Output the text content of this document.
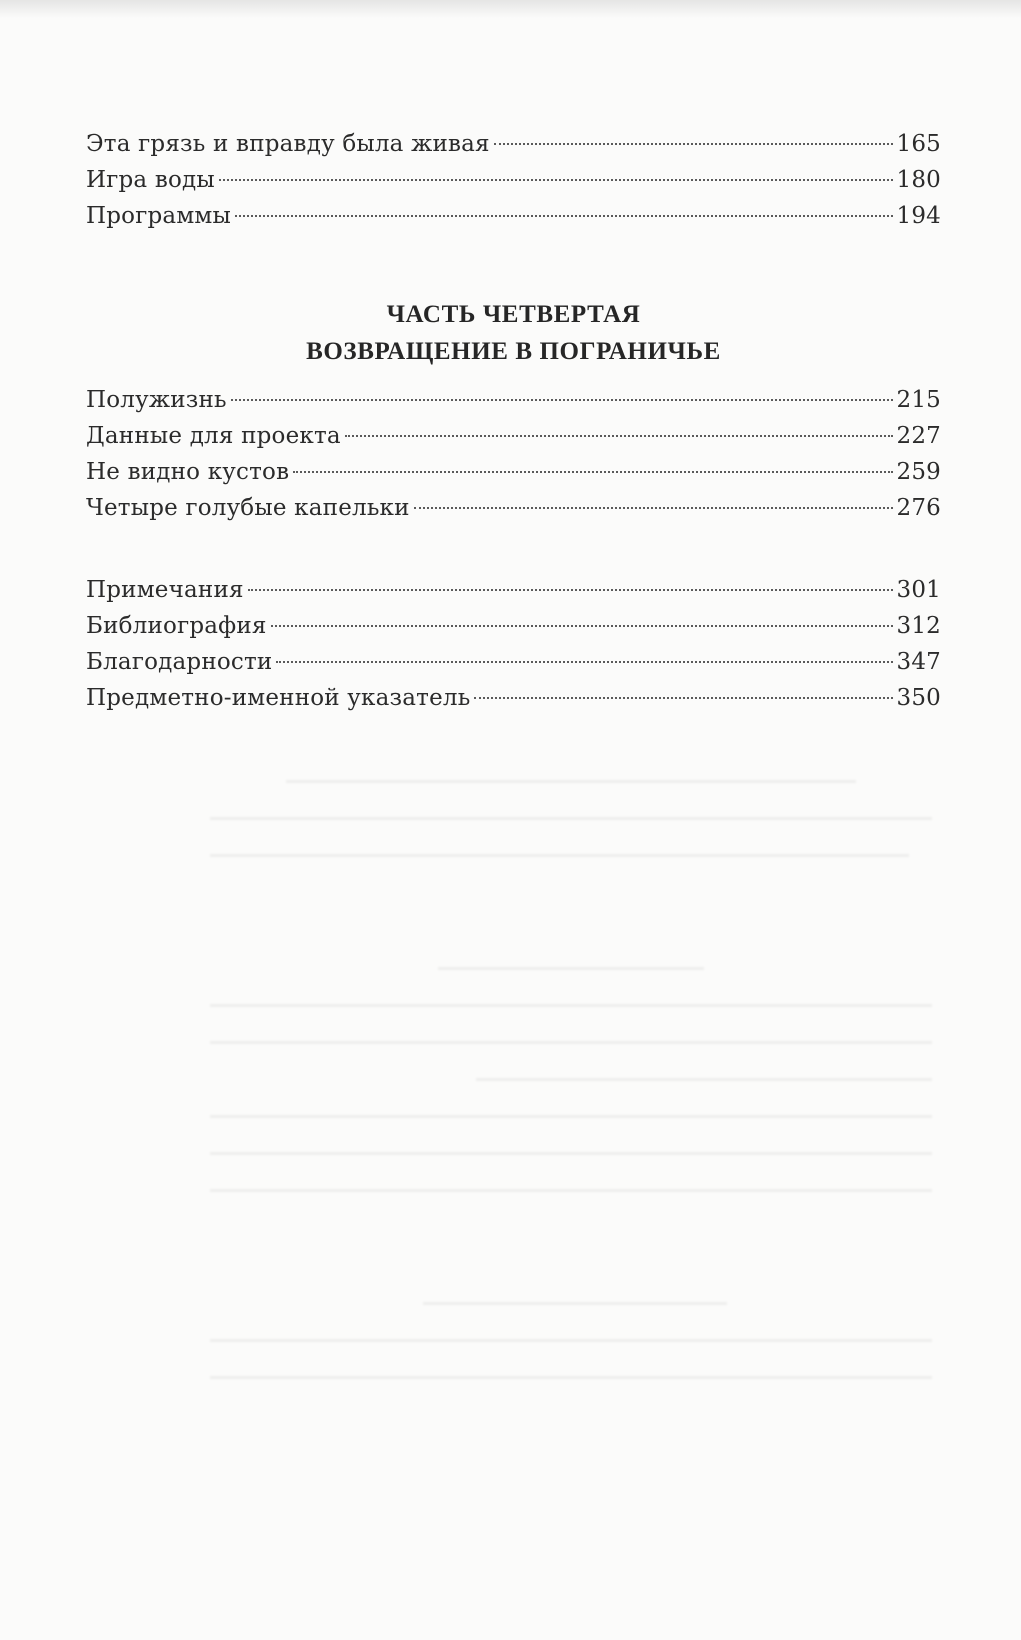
Эта грязь и вправду была живая	165
Игра воды	180
Программы	194
ЧАСТЬ ЧЕТВЕРТАЯ
ВОЗВРАЩЕНИЕ В ПОГРАНИЧЬЕ
Полужизнь	215
Данные для проекта	227
Не видно кустов	259
Четыре голубые капельки	276
Примечания	301
Библиография	312
Благодарности	347
Предметно-именной указатель	350
